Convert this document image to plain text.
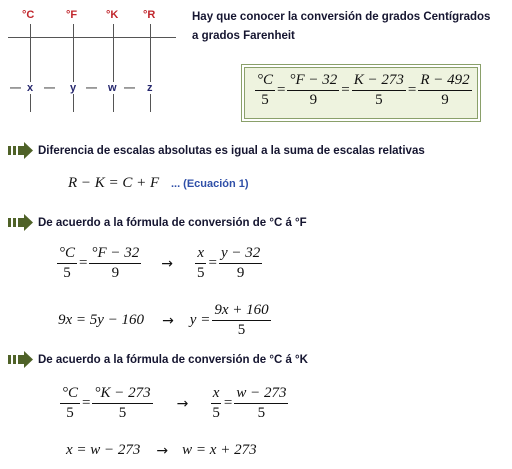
°C	°F	°K °R
— x — y — w — z
Hay que conocer la conversión de grados Centígrados
a grados Farenheit
$\frac{^\circ C}{5} = \frac{^\circ F - 32}{9} = \frac{K - 273}{5} = \frac{R - 492}{9}$
Diferencia de escalas absolutas es igual a la suma de escalas relativas
R − K = C + F ... (Ecuación 1)
De acuerdo a la fórmula de conversión de °C á °F
$\frac{^\circ C}{5} = \frac{^\circ F - 32}{9} \to \frac{x}{5} = \frac{y - 32}{9}$
$9x = 5y - 160 \to y = \frac{9x + 160}{5}$
De acuerdo a la fórmula de conversión de °C á °K
$\frac{^\circ C}{5} = \frac{^\circ K - 273}{5} \to \frac{x}{5} = \frac{w - 273}{5}$
x = w − 273 → w = x + 273
